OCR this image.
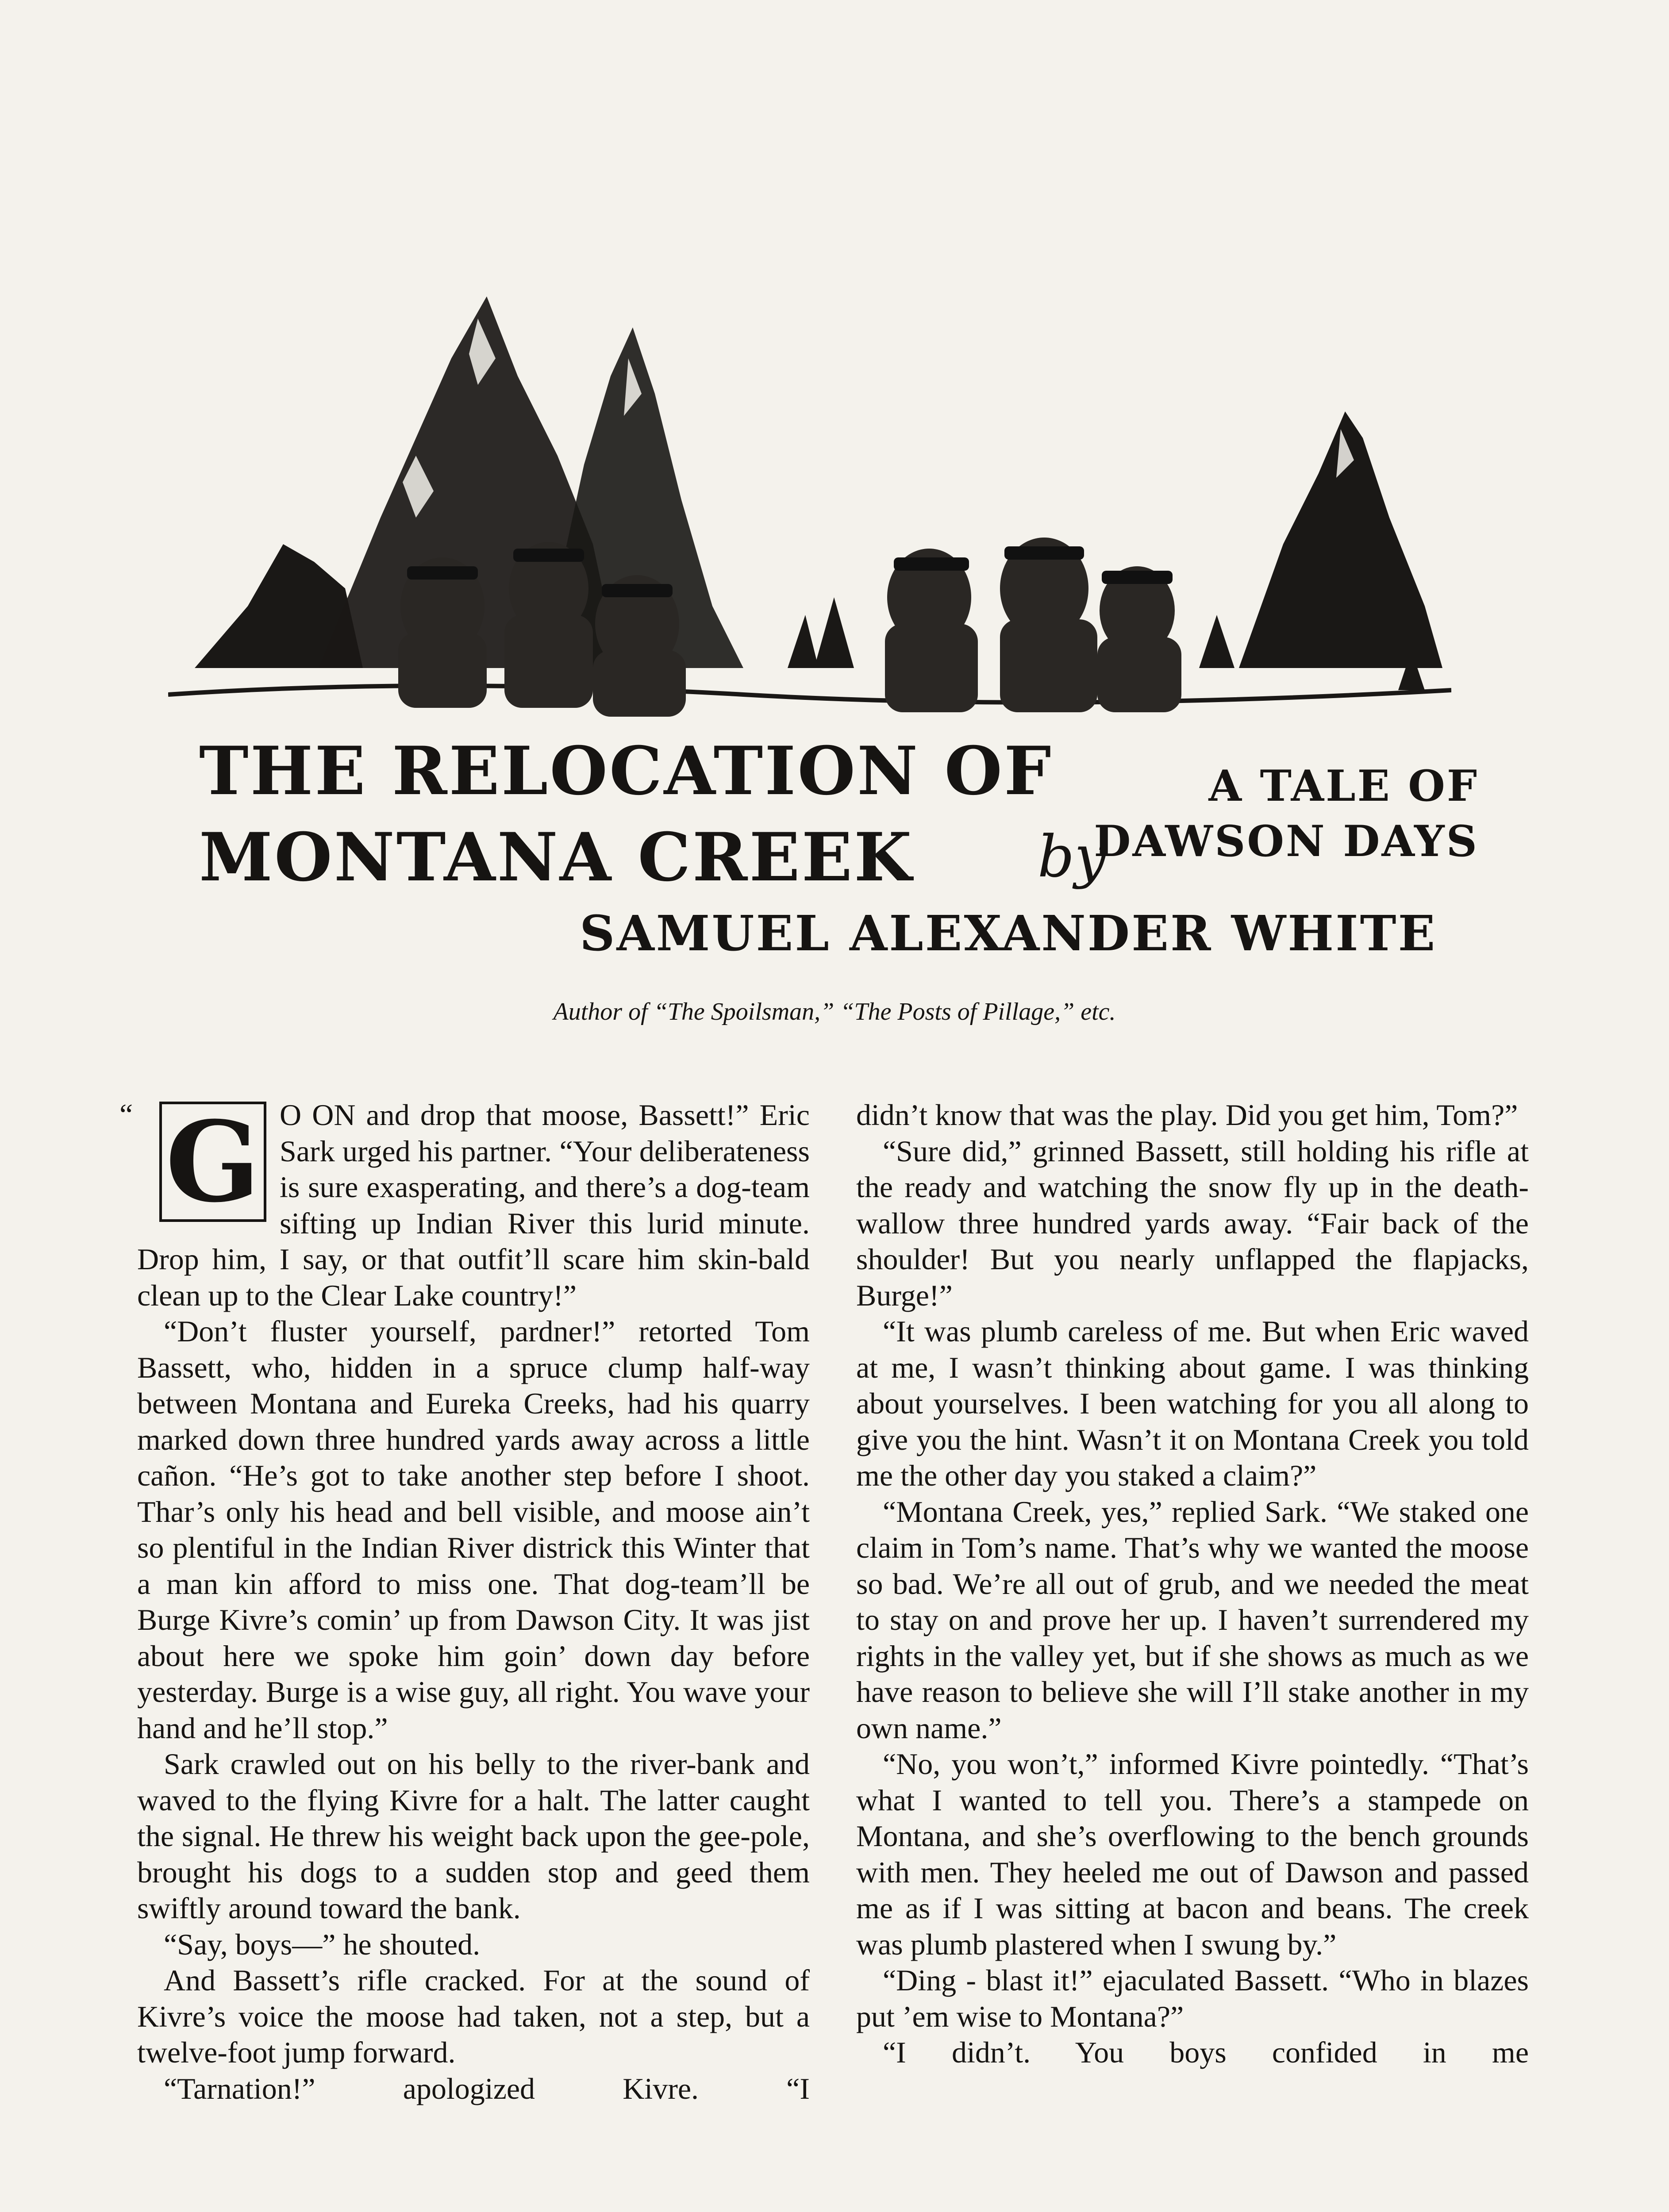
THE RELOCATION OF
MONTANA CREEK by
A TALE OF
DAWSON DAYS
SAMUEL ALEXANDER WHITE
Author of “The Spoilsman,” “The Posts of Pillage,” etc.
“ G O ON and drop that moose, Bassett!” Eric Sark urged his partner. “Your deliberateness is sure exasperating, and there’s a dog-team sifting up Indian River this lurid minute. Drop him, I say, or that outfit’ll scare him skin-bald clean up to the Clear Lake country!”

“Don’t fluster yourself, pardner!” retorted Tom Bassett, who, hidden in a spruce clump half-way between Montana and Eureka Creeks, had his quarry marked down three hundred yards away across a little cañon. “He’s got to take another step before I shoot. Thar’s only his head and bell visible, and moose ain’t so plentiful in the Indian River districk this Winter that a man kin afford to miss one. That dog-team’ll be Burge Kivre’s comin’ up from Dawson City. It was jist about here we spoke him goin’ down day before yesterday. Burge is a wise guy, all right. You wave your hand and he’ll stop.”

Sark crawled out on his belly to the river-bank and waved to the flying Kivre for a halt. The latter caught the signal. He threw his weight back upon the gee-pole, brought his dogs to a sudden stop and geed them swiftly around toward the bank.

“Say, boys—” he shouted.

And Bassett’s rifle cracked. For at the sound of Kivre’s voice the moose had taken, not a step, but a twelve-foot jump forward.

“Tarnation!” apologized Kivre. “I

didn’t know that was the play. Did you get him, Tom?”

“Sure did,” grinned Bassett, still holding his rifle at the ready and watching the snow fly up in the death-wallow three hundred yards away. “Fair back of the shoulder! But you nearly unflapped the flapjacks, Burge!”

“It was plumb careless of me. But when Eric waved at me, I wasn’t thinking about game. I was thinking about yourselves. I been watching for you all along to give you the hint. Wasn’t it on Montana Creek you told me the other day you staked a claim?”

“Montana Creek, yes,” replied Sark. “We staked one claim in Tom’s name. That’s why we wanted the moose so bad. We’re all out of grub, and we needed the meat to stay on and prove her up. I haven’t surrendered my rights in the valley yet, but if she shows as much as we have reason to believe she will I’ll stake another in my own name.”

“No, you won’t,” informed Kivre pointedly. “That’s what I wanted to tell you. There’s a stampede on Montana, and she’s overflowing to the bench grounds with men. They heeled me out of Dawson and passed me as if I was sitting at bacon and beans. The creek was plumb plastered when I swung by.”

“Ding - blast it!” ejaculated Bassett. “Who in blazes put ’em wise to Montana?”

“I didn’t. You boys confided in me
